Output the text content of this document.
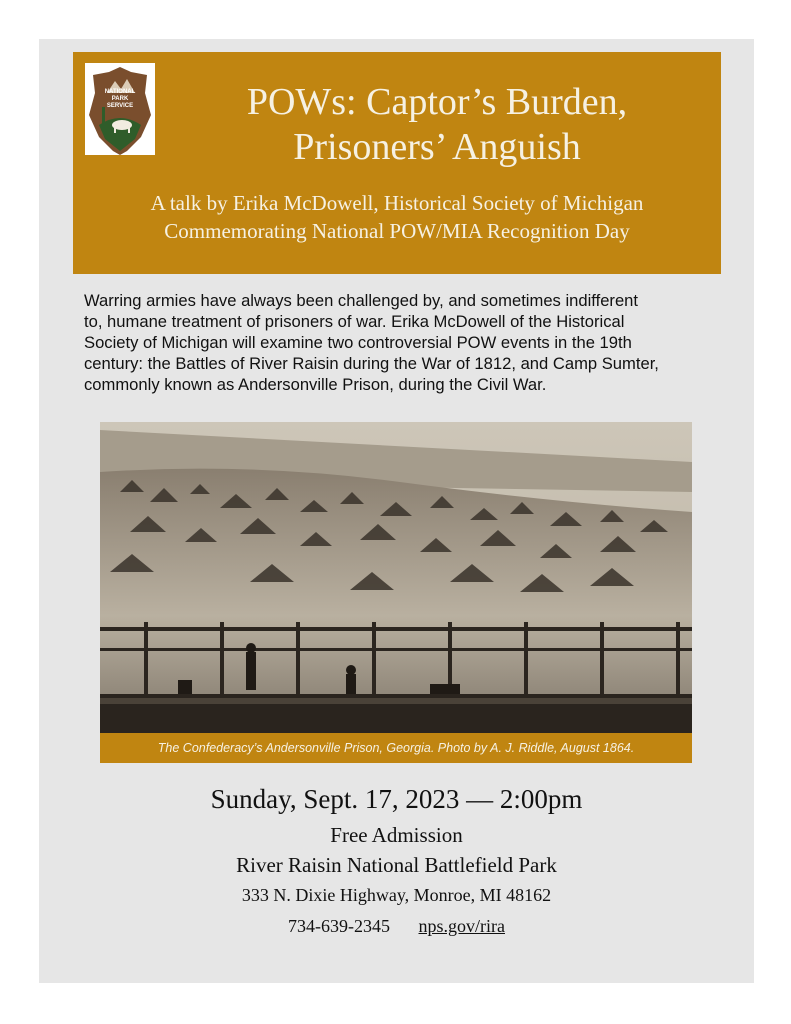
NATIONAL
PARK
SERVICE	POWs: Captor’s Burden,
Prisoners’ Anguish
A talk by Erika McDowell, Historical Society of Michigan
Commemorating National POW/MIA Recognition Day
Warring armies have always been challenged by, and sometimes indifferent
to, humane treatment of prisoners of war. Erika McDowell of the Historical
Society of Michigan will examine two controversial POW events in the 19th
century: the Battles of River Raisin during the War of 1812, and Camp Sumter,
commonly known as Andersonville Prison, during the Civil War.
The Confederacy’s Andersonville Prison, Georgia. Photo by A. J. Riddle, August 1864.
Sunday, Sept. 17, 2023 — 2:00pm
Free Admission
River Raisin National Battlefield Park
333 N. Dixie Highway, Monroe, MI 48162
734-639-2345 nps.gov/rira
